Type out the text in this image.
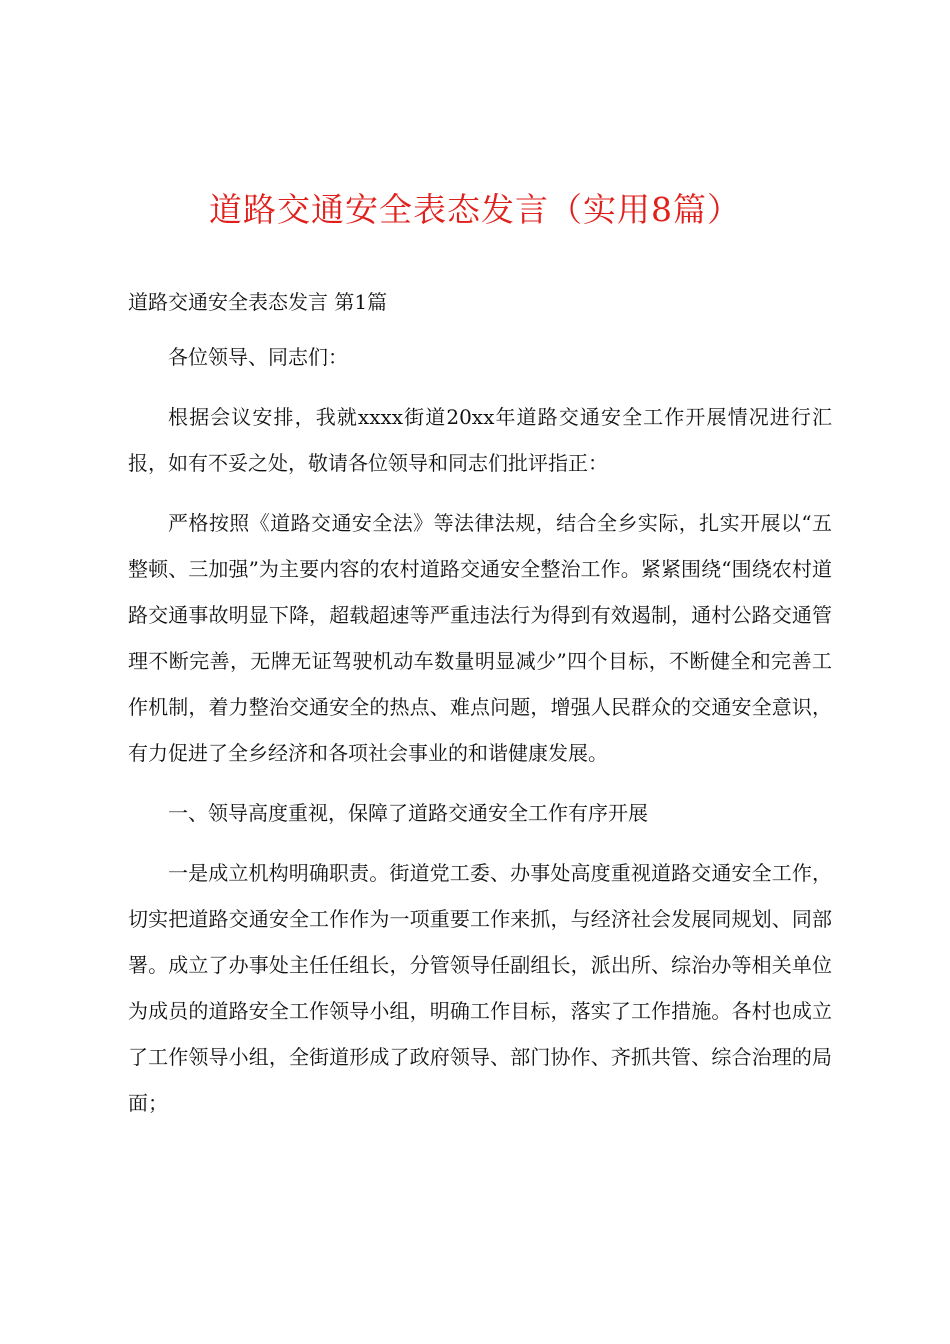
道路交通安全表态发言（实用8篇）
道路交通安全表态发言 第1篇

各位领导、同志们：

根据会议安排，我就xxxx街道20xx年道路交通安全工作开展情况进行汇报，如有不妥之处，敬请各位领导和同志们批评指正：

严格按照《道路交通安全法》等法律法规，结合全乡实际，扎实开展以“五整顿、三加强”为主要内容的农村道路交通安全整治工作。紧紧围绕“围绕农村道路交通事故明显下降，超载超速等严重违法行为得到有效遏制，通村公路交通管理不断完善，无牌无证驾驶机动车数量明显减少”四个目标，不断健全和完善工作机制，着力整治交通安全的热点、难点问题，增强人民群众的交通安全意识，有力促进了全乡经济和各项社会事业的和谐健康发展。

一、领导高度重视，保障了道路交通安全工作有序开展

一是成立机构明确职责。街道党工委、办事处高度重视道路交通安全工作，切实把道路交通安全工作作为一项重要工作来抓，与经济社会发展同规划、同部署。成立了办事处主任任组长，分管领导任副组长，派出所、综治办等相关单位为成员的道路安全工作领导小组，明确工作目标，落实了工作措施。各村也成立了工作领导小组，全街道形成了政府领导、部门协作、齐抓共管、综合治理的局面；
